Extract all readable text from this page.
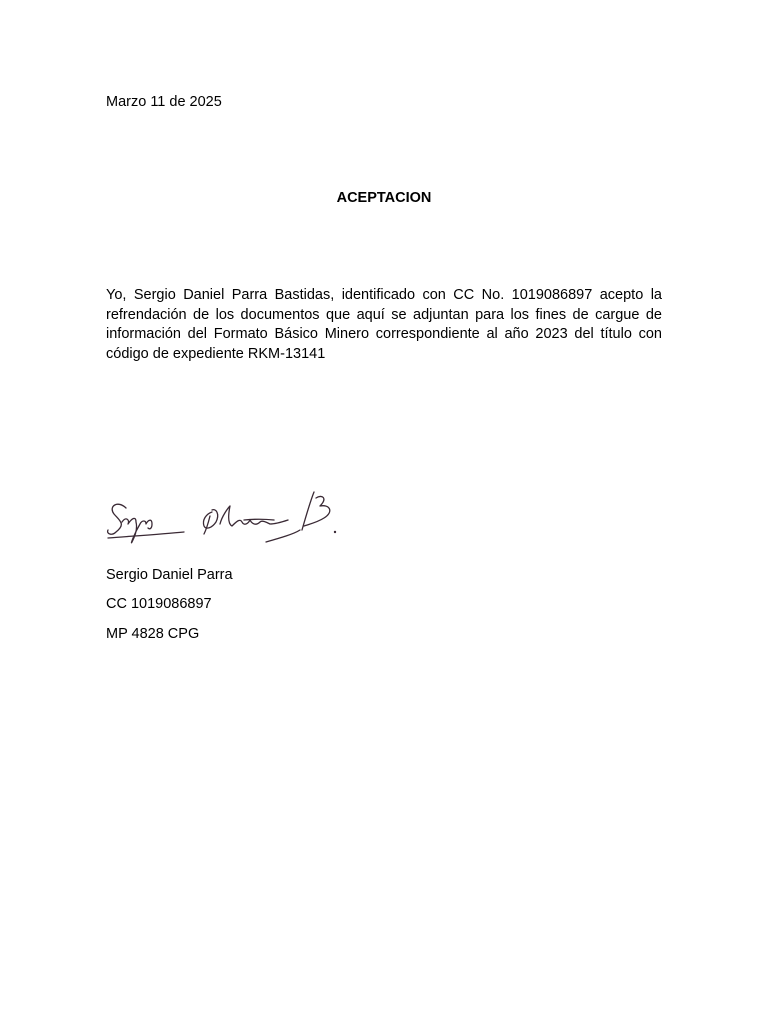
Marzo 11 de 2025
ACEPTACION
Yo, Sergio Daniel Parra Bastidas, identificado con CC No. 1019086897 acepto la refrendación de los documentos que aquí se adjuntan para los fines de cargue de información del Formato Básico Minero correspondiente al año 2023 del título con código de expediente RKM-13141
Sergio Daniel Parra
CC 1019086897
MP 4828 CPG
